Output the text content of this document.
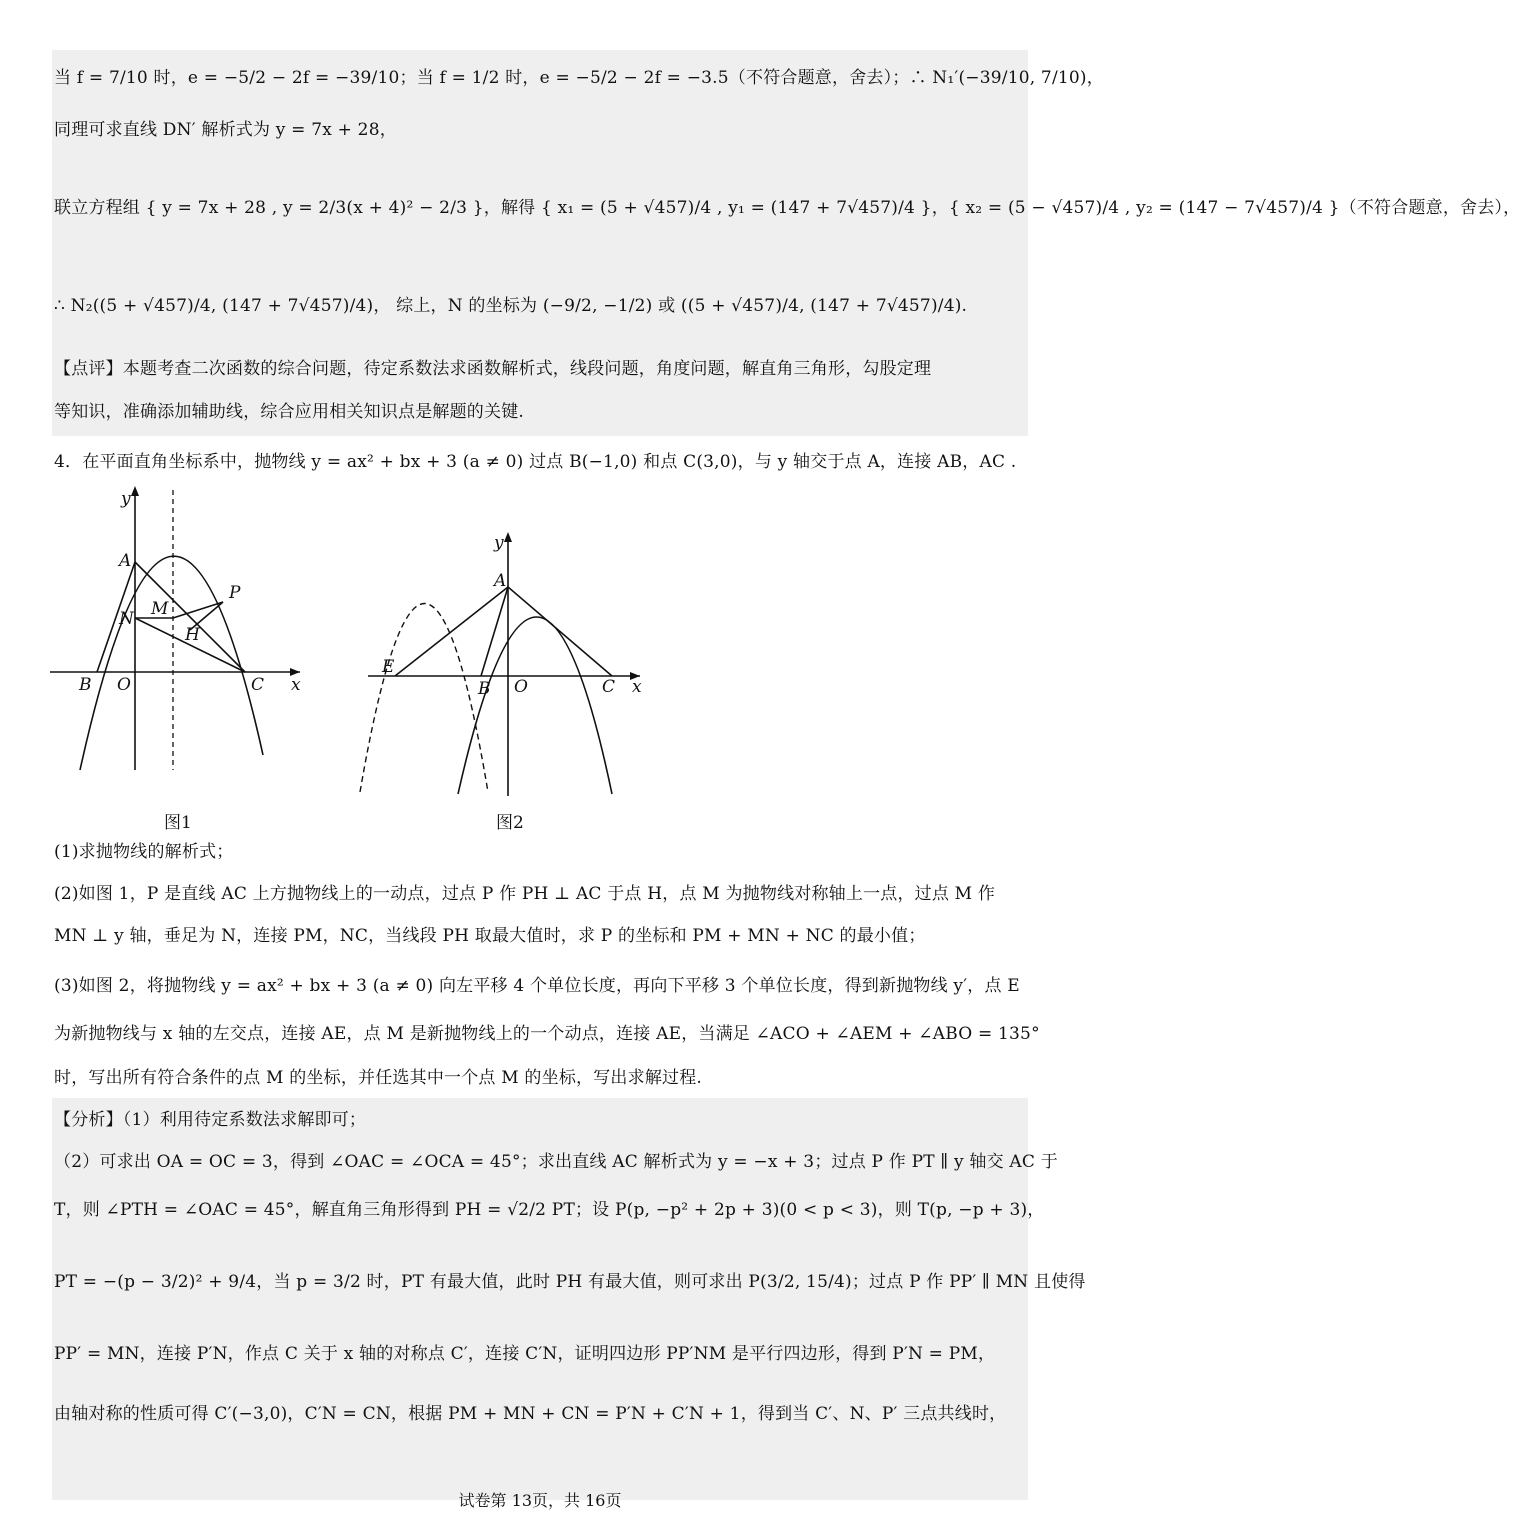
当 f = 7/10 时，e = −5/2 − 2f = −39/10；当 f = 1/2 时，e = −5/2 − 2f = −3.5（不符合题意，舍去）；∴ N₁′(−39/10, 7/10)，
同理可求直线 DN′ 解析式为 y = 7x + 28，
联立方程组 { y = 7x + 28 , y = 2/3(x + 4)² − 2/3 }，解得 { x₁ = (5 + √457)/4 , y₁ = (147 + 7√457)/4 }，{ x₂ = (5 − √457)/4 , y₂ = (147 − 7√457)/4 }（不符合题意，舍去），
∴ N₂((5 + √457)/4, (147 + 7√457)/4)， 综上，N 的坐标为 (−9/2, −1/2) 或 ((5 + √457)/4, (147 + 7√457)/4).
【点评】本题考查二次函数的综合问题，待定系数法求函数解析式，线段问题，角度问题，解直角三角形，勾股定理
等知识，准确添加辅助线，综合应用相关知识点是解题的关键.
4．在平面直角坐标系中，抛物线 y = ax² + bx + 3 (a ≠ 0) 过点 B(−1,0) 和点 C(3,0)，与 y 轴交于点 A，连接 AB，AC .
y
x
A
N M
P
H
B O	C
图1
y
x
A
E
B O	C
图2
(1)求抛物线的解析式；
(2)如图 1，P 是直线 AC 上方抛物线上的一动点，过点 P 作 PH ⊥ AC 于点 H，点 M 为抛物线对称轴上一点，过点 M 作
MN ⊥ y 轴，垂足为 N，连接 PM，NC，当线段 PH 取最大值时，求 P 的坐标和 PM + MN + NC 的最小值；
(3)如图 2，将抛物线 y = ax² + bx + 3 (a ≠ 0) 向左平移 4 个单位长度，再向下平移 3 个单位长度，得到新抛物线 y′，点 E
为新抛物线与 x 轴的左交点，连接 AE，点 M 是新抛物线上的一个动点，连接 AE，当满足 ∠ACO + ∠AEM + ∠ABO = 135°
时，写出所有符合条件的点 M 的坐标，并任选其中一个点 M 的坐标，写出求解过程.
【分析】（1）利用待定系数法求解即可；
（2）可求出 OA = OC = 3，得到 ∠OAC = ∠OCA = 45°；求出直线 AC 解析式为 y = −x + 3；过点 P 作 PT ∥ y 轴交 AC 于
T，则 ∠PTH = ∠OAC = 45°，解直角三角形得到 PH = √2/2 PT；设 P(p, −p² + 2p + 3)(0 < p < 3)，则 T(p, −p + 3)，
PT = −(p − 3/2)² + 9/4，当 p = 3/2 时，PT 有最大值，此时 PH 有最大值，则可求出 P(3/2, 15/4)；过点 P 作 PP′ ∥ MN 且使得
PP′ = MN，连接 P′N，作点 C 关于 x 轴的对称点 C′，连接 C′N，证明四边形 PP′NM 是平行四边形，得到 P′N = PM，
由轴对称的性质可得 C′(−3,0)，C′N = CN，根据 PM + MN + CN = P′N + C′N + 1，得到当 C′、N、P′ 三点共线时，
试卷第 13页，共 16页
